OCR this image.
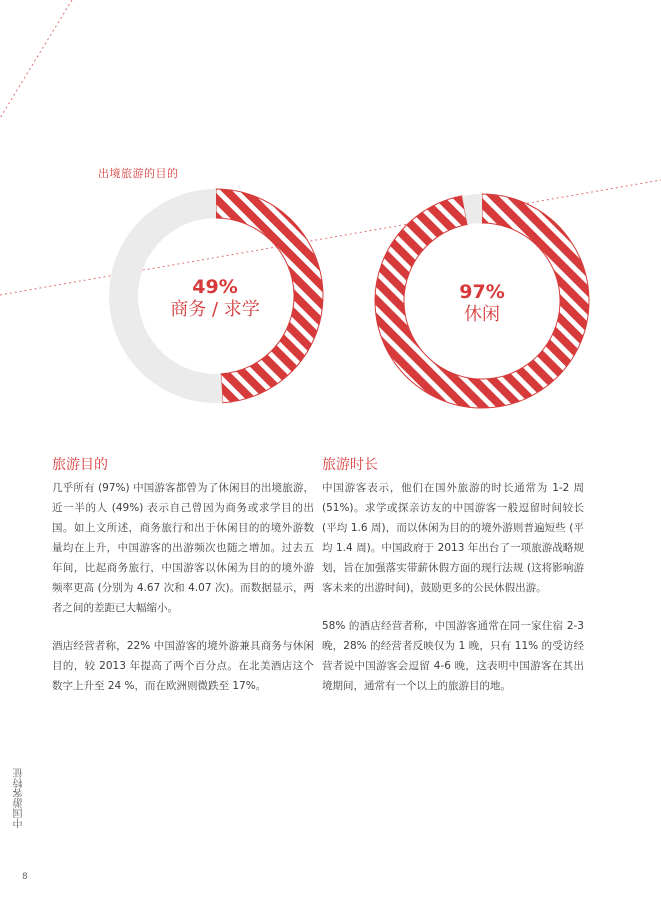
出境旅游的目的
49%
商务 / 求学
97%
休闲
旅游目的

几乎所有 (97%) 中国游客都曾为了休闲目的出境旅游，近一半的人 (49%) 表示自己曾因为商务或求学目的出国。如上文所述，商务旅行和出于休闲目的的境外游数量均在上升，中国游客的出游频次也随之增加。过去五年间，比起商务旅行，中国游客以休闲为目的的境外游频率更高 (分别为 4.67 次和 4.07 次)。而数据显示，两者之间的差距已大幅缩小。

酒店经营者称，22% 中国游客的境外游兼具商务与休闲目的，较 2013 年提高了两个百分点。在北美酒店这个数字上升至 24 %，而在欧洲则微跌至 17%。

旅游时长

中国游客表示，他们在国外旅游的时长通常为 1-2 周 (51%)。求学或探亲访友的中国游客一般逗留时间较长 (平均 1.6 周)，而以休闲为目的的境外游则普遍短些 (平均 1.4 周)。中国政府于 2013 年出台了一项旅游战略规划，旨在加强落实带薪休假方面的现行法规 (这将影响游客未来的出游时间)，鼓励更多的公民休假出游。

58% 的酒店经营者称，中国游客通常在同一家住宿 2-3 晚，28% 的经营者反映仅为 1 晚，只有 11% 的受访经营者说中国游客会逗留 4-6 晚，这表明中国游客在其出境期间，通常有一个以上的旅游目的地。

中国游客特征
8
